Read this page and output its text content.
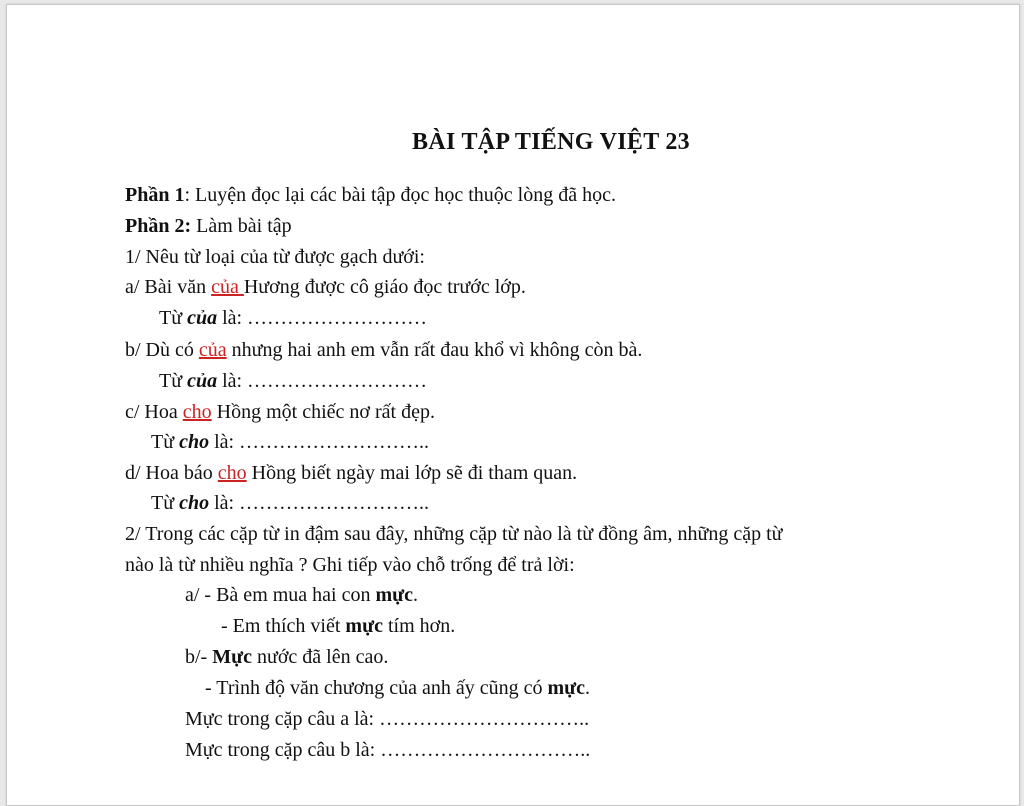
BÀI TẬP TIẾNG VIỆT 23
Phần 1: Luyện đọc lại các bài tập đọc học thuộc lòng đã học.
Phần 2: Làm bài tập
1/ Nêu từ loại của từ được gạch dưới:
a/ Bài văn của Hương được cô giáo đọc trước lớp.
Từ của là: ………………………
b/ Dù có của nhưng hai anh em vẫn rất đau khổ vì không còn bà.
Từ của là: ………………………
c/ Hoa cho Hồng một chiếc nơ rất đẹp.
Từ cho là: ………………………..
d/ Hoa báo cho Hồng biết ngày mai lớp sẽ đi tham quan.
Từ cho là: ………………………..
2/ Trong các cặp từ in đậm sau đây, những cặp từ nào là từ đồng âm, những cặp từ
nào là từ nhiều nghĩa ? Ghi tiếp vào chỗ trống để trả lời:
a/ - Bà em mua hai con mực.
- Em thích viết mực tím hơn.
b/- Mực nước đã lên cao.
- Trình độ văn chương của anh ấy cũng có mực.
Mực trong cặp câu a là: …………………………..
Mực trong cặp câu b là: …………………………..
